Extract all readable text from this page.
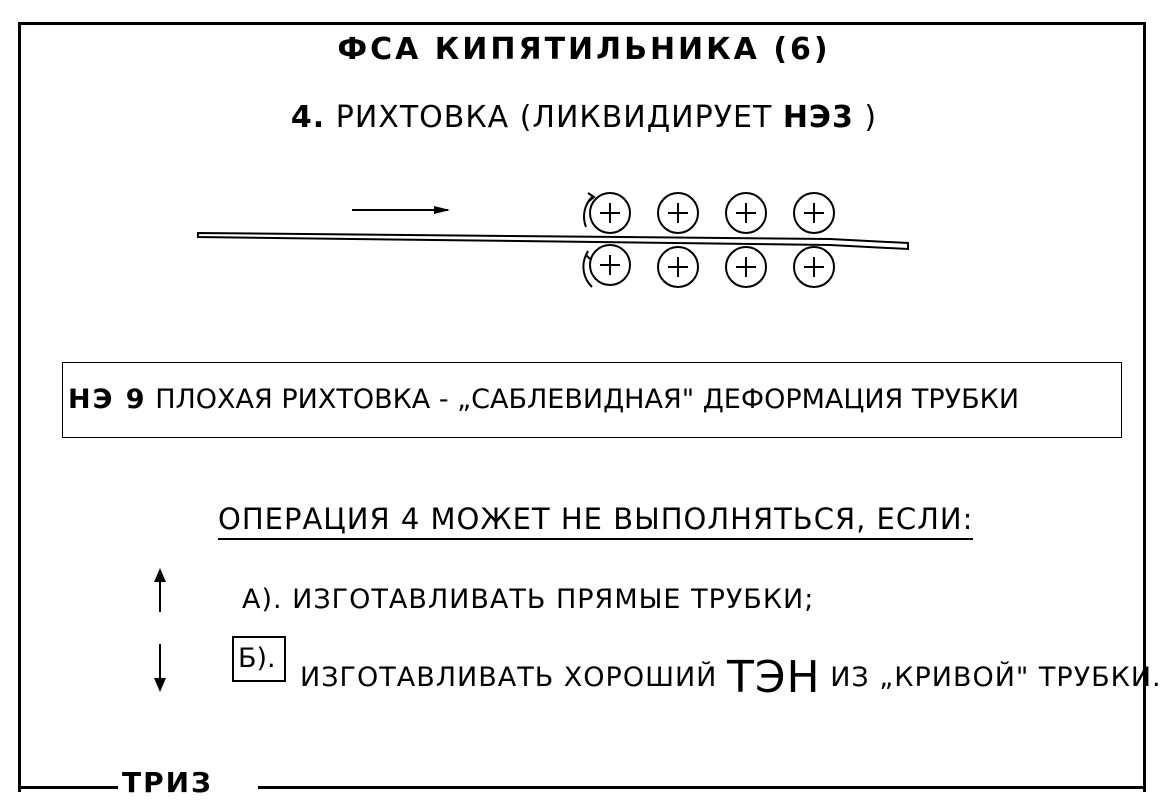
ТРИЗ
ФСА КИПЯТИЛЬНИКА (6)
4. РИХТОВКА (ЛИКВИДИРУЕТ НЭ3 )
НЭ 9 ПЛОХАЯ РИХТОВКА - „САБЛЕВИДНАЯ" ДЕФОРМАЦИЯ ТРУБКИ
ОПЕРАЦИЯ 4 МОЖЕТ НЕ ВЫПОЛНЯТЬСЯ, ЕСЛИ:
А). ИЗГОТАВЛИВАТЬ ПРЯМЫЕ ТРУБКИ;
Б).
ИЗГОТАВЛИВАТЬ ХОРОШИЙ ТЭН ИЗ „КРИВОЙ" ТРУБКИ.
